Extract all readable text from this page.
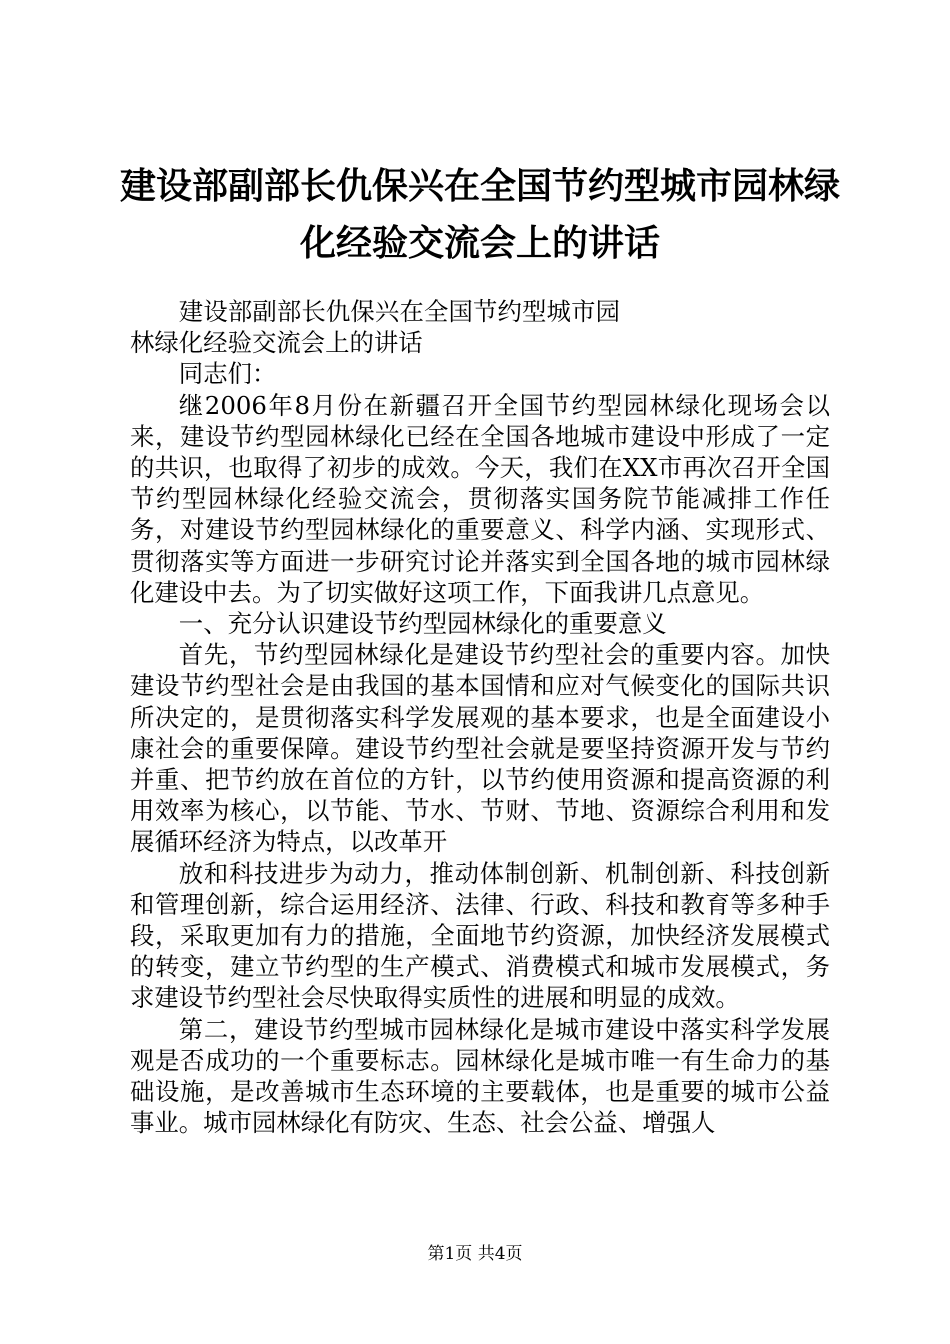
建设部副部长仇保兴在全国节约型城市园林绿化经验交流会上的讲话

建设部副部长仇保兴在全国节约型城市园林绿化经验交流会上的讲话

同志们：

继2006年8月份在新疆召开全国节约型园林绿化现场会以来，建设节约型园林绿化已经在全国各地城市建设中形成了一定的共识，也取得了初步的成效。今天，我们在XX市再次召开全国节约型园林绿化经验交流会，贯彻落实国务院节能减排工作任务，对建设节约型园林绿化的重要意义、科学内涵、实现形式、贯彻落实等方面进一步研究讨论并落实到全国各地的城市园林绿化建设中去。为了切实做好这项工作，下面我讲几点意见。

一、充分认识建设节约型园林绿化的重要意义

首先，节约型园林绿化是建设节约型社会的重要内容。加快建设节约型社会是由我国的基本国情和应对气候变化的国际共识所决定的，是贯彻落实科学发展观的基本要求，也是全面建设小康社会的重要保障。建设节约型社会就是要坚持资源开发与节约并重、把节约放在首位的方针，以节约使用资源和提高资源的利用效率为核心，以节能、节水、节财、节地、资源综合利用和发展循环经济为特点，以改革开

放和科技进步为动力，推动体制创新、机制创新、科技创新和管理创新，综合运用经济、法律、行政、科技和教育等多种手段，采取更加有力的措施，全面地节约资源，加快经济发展模式的转变，建立节约型的生产模式、消费模式和城市发展模式，务求建设节约型社会尽快取得实质性的进展和明显的成效。

第二，建设节约型城市园林绿化是城市建设中落实科学发展观是否成功的一个重要标志。园林绿化是城市唯一有生命力的基础设施，是改善城市生态环境的主要载体，也是重要的城市公益事业。城市园林绿化有防灾、生态、社会公益、增强人

第1页 共4页
